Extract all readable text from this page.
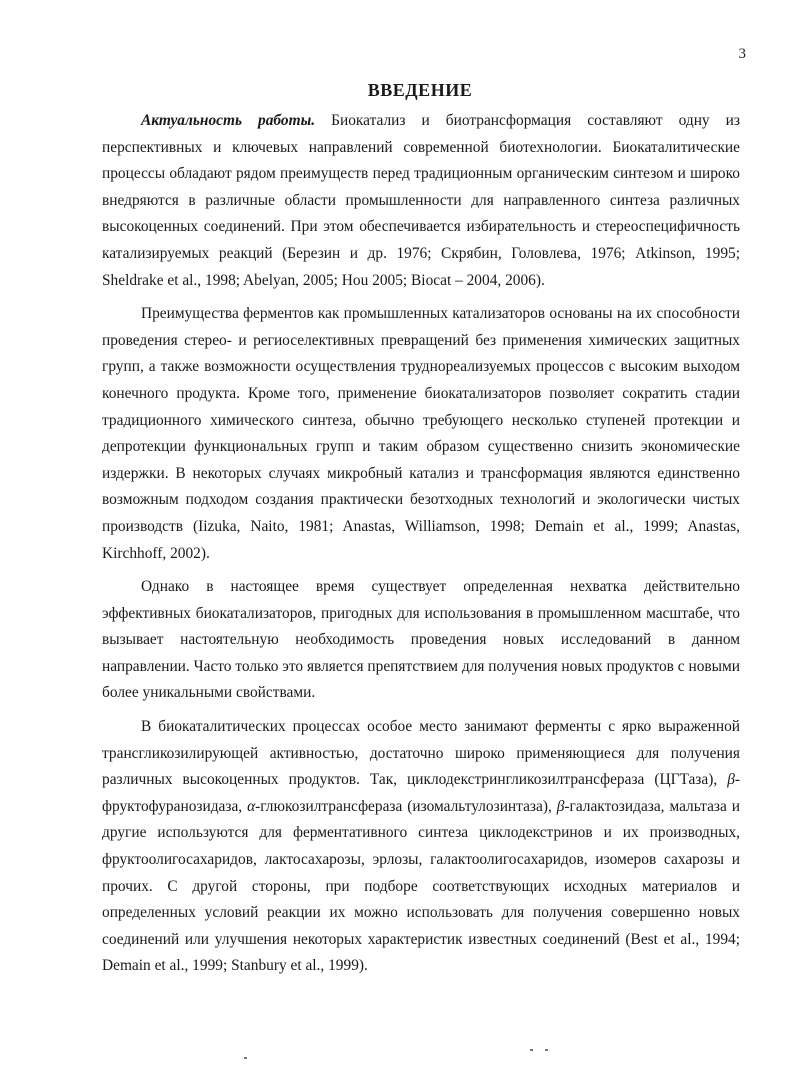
3
ВВЕДЕНИЕ

Актуальность работы. Биокатализ и биотрансформация составляют одну из перспективных и ключевых направлений современной биотехнологии. Биокаталитические процессы обладают рядом преимуществ перед традиционным органическим синтезом и широко внедряются в различные области промышленности для направленного синтеза различных высокоценных соединений. При этом обеспечивается избирательность и стереоспецифичность катализируемых реакций (Березин и др. 1976; Скрябин, Головлева, 1976; Atkinson, 1995; Sheldrake et al., 1998; Abelyan, 2005; Hou 2005; Biocat – 2004, 2006).

Преимущества ферментов как промышленных катализаторов основаны на их способности проведения стерео- и региоселективных превращений без применения химических защитных групп, а также возможности осуществления труднореализуемых процессов с высоким выходом конечного продукта. Кроме того, применение биокатализаторов позволяет сократить стадии традиционного химического синтеза, обычно требующего несколько ступеней протекции и депротекции функциональных групп и таким образом существенно снизить экономические издержки. В некоторых случаях микробный катализ и трансформация являются единственно возможным подходом создания практически безотходных технологий и экологически чистых производств (Iizuka, Naito, 1981; Anastas, Williamson, 1998; Demain et al., 1999; Anastas, Kirchhoff, 2002).

Однако в настоящее время существует определенная нехватка действительно эффективных биокатализаторов, пригодных для использования в промышленном масштабе, что вызывает настоятельную необходимость проведения новых исследований в данном направлении. Часто только это является препятствием для получения новых продуктов с новыми более уникальными свойствами.

В биокаталитических процессах особое место занимают ферменты с ярко выраженной трансгликозилирующей активностью, достаточно широко применяющиеся для получения различных высокоценных продуктов. Так, циклодекстрингликозилтрансфераза (ЦГТаза), β-фруктофуранозидаза, α-глюкозилтрансфераза (изомальтулозинтаза), β-галактозидаза, мальтаза и другие используются для ферментативного синтеза циклодекстринов и их производных, фруктоолигосахаридов, лактосахарозы, эрлозы, галактоолигосахаридов, изомеров сахарозы и прочих. С другой стороны, при подборе соответствующих исходных материалов и определенных условий реакции их можно использовать для получения совершенно новых соединений или улучшения некоторых характеристик известных соединений (Best et al., 1994; Demain et al., 1999; Stanbury et al., 1999).
